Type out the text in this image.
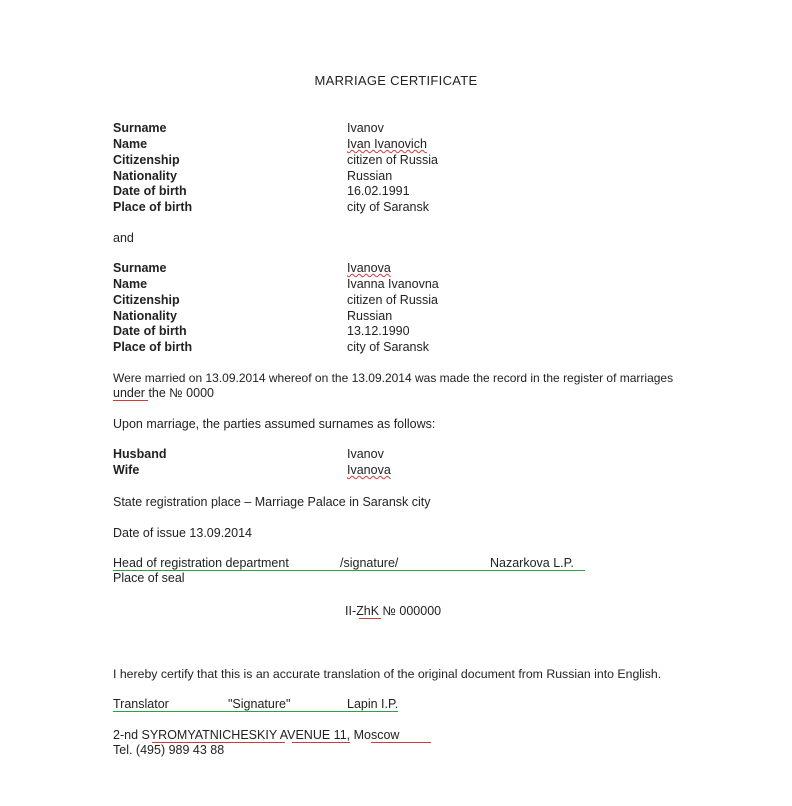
MARRIAGE CERTIFICATE
Surname	Ivanov
Name	Ivan Ivanovich
Citizenship	citizen of Russia
Nationality	Russian
Date of birth	16.02.1991
Place of birth	city of Saransk
and
Surname	Ivanova
Name	Ivanna Ivanovna
Citizenship	citizen of Russia
Nationality	Russian
Date of birth	13.12.1990
Place of birth	city of Saransk
Were married on 13.09.2014 whereof on the 13.09.2014 was made the record in the register of marriages
under the № 0000
Upon marriage, the parties assumed surnames as follows:
Husband	Ivanov
Wife	Ivanova
State registration place – Marriage Palace in Saransk city
Date of issue 13.09.2014
Head of registration department	/signature/	Nazarkova L.P.
Place of seal
II-ZhK № 000000
I hereby certify that this is an accurate translation of the original document from Russian into English.
Translator	"Signature"	Lapin I.P.
2-nd SYROMYATNICHESKIY AVENUE 11, Moscow
Tel. (495) 989 43 88
